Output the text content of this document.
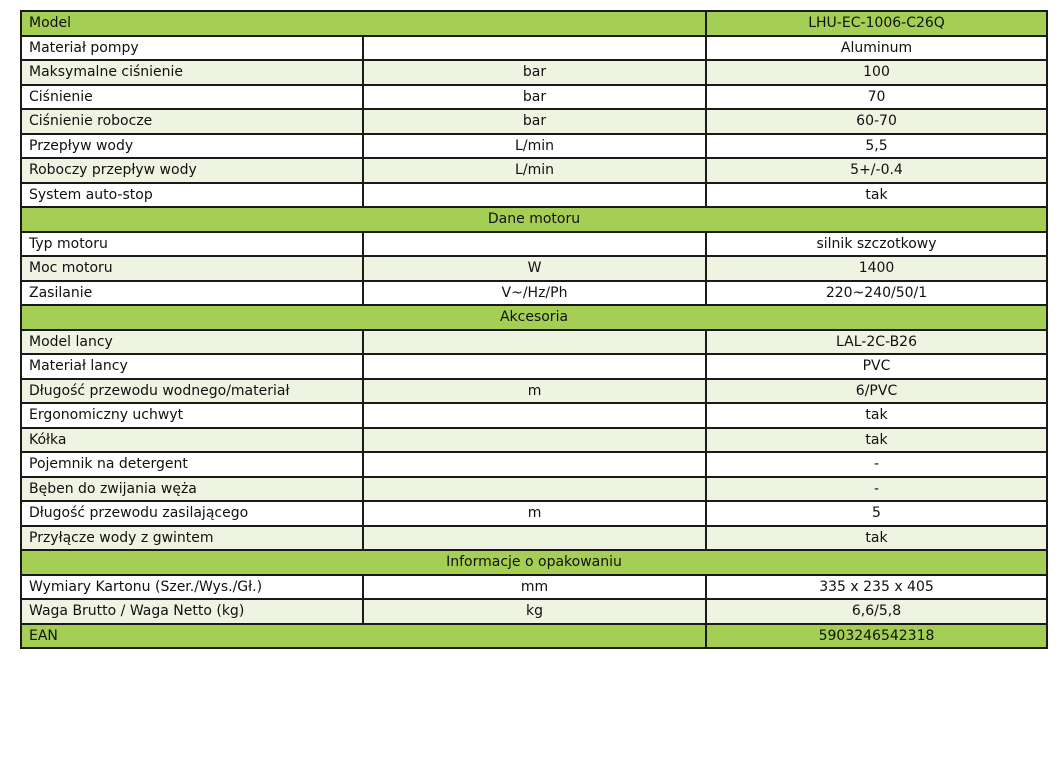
Model		LHU-EC-1006-C26Q
Materiał pompy		Aluminum
Maksymalne ciśnienie	bar	100
Ciśnienie	bar	70
Ciśnienie robocze	bar	60-70
Przepływ wody	L/min	5,5
Roboczy przepływ wody	L/min	5+/-0.4
System auto-stop		tak
Dane motoru		
Typ motoru		silnik szczotkowy
Moc motoru	W	1400
Zasilanie	V~/Hz/Ph	220~240/50/1
Akcesoria		
Model lancy		LAL-2C-B26
Materiał lancy		PVC
Długość przewodu wodnego/materiał	m	6/PVC
Ergonomiczny uchwyt		tak
Kółka		tak
Pojemnik na detergent		-
Bęben do zwijania węża		-
Długość przewodu zasilającego	m	5
Przyłącze wody z gwintem		tak
Informacje o opakowaniu		
Wymiary Kartonu (Szer./Wys./Gł.)	mm	335 x 235 x 405
Waga Brutto / Waga Netto (kg)	kg	6,6/5,8
EAN		5903246542318
